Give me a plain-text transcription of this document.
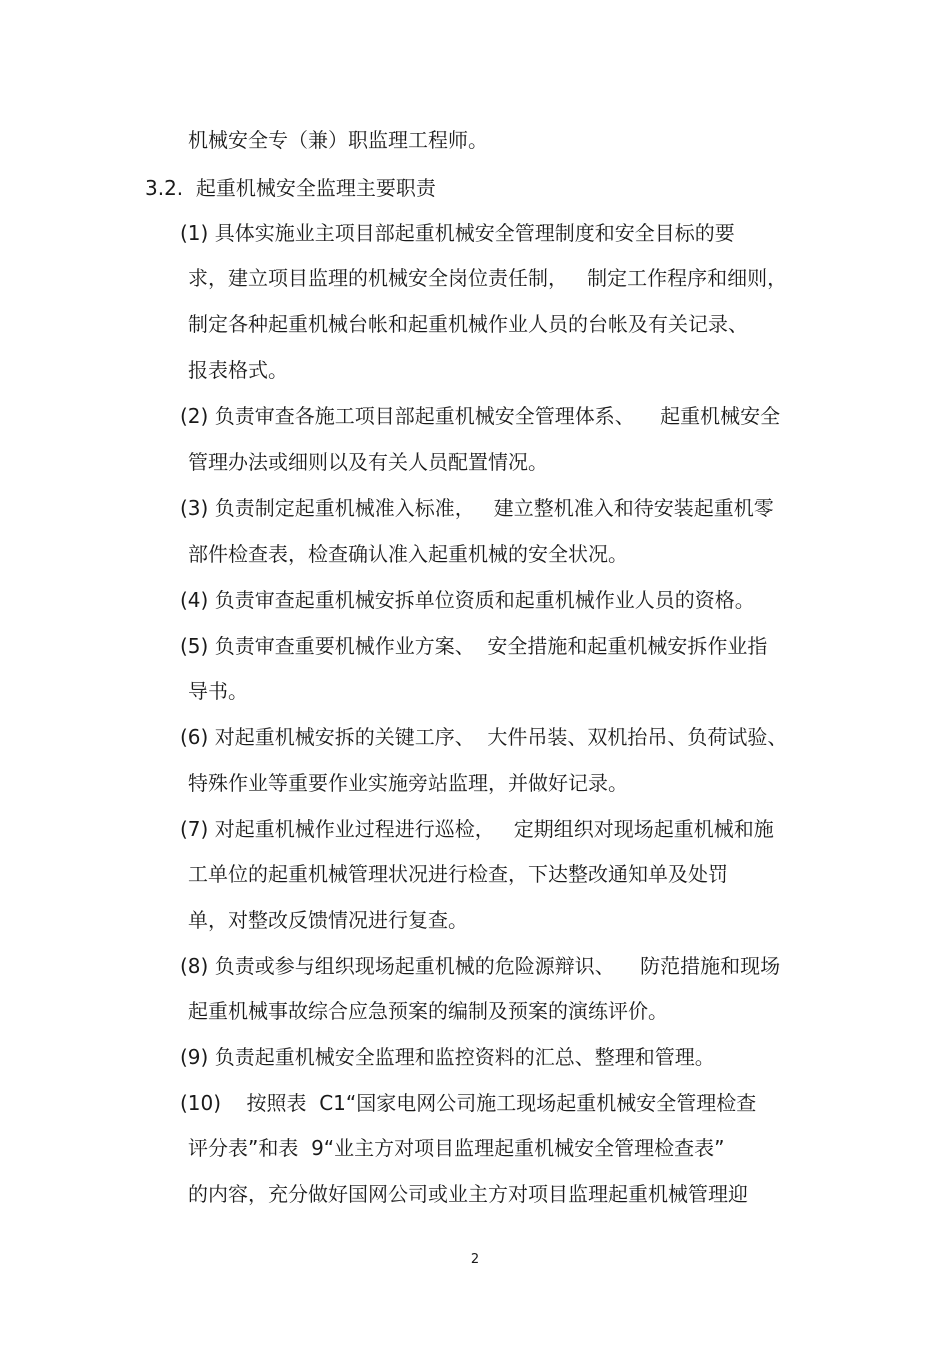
机械安全专（兼）职监理工程师。
3.2. 起重机械安全监理主要职责
(1) 具体实施业主项目部起重机械安全管理制度和安全目标的要
求，建立项目监理的机械安全岗位责任制，   制定工作程序和细则，
制定各种起重机械台帐和起重机械作业人员的台帐及有关记录、
报表格式。
(2) 负责审查各施工项目部起重机械安全管理体系、    起重机械安全
管理办法或细则以及有关人员配置情况。
(3) 负责制定起重机械准入标准，   建立整机准入和待安装起重机零
部件检查表，检查确认准入起重机械的安全状况。
(4) 负责审查起重机械安拆单位资质和起重机械作业人员的资格。
(5) 负责审查重要机械作业方案、  安全措施和起重机械安拆作业指
导书。
(6) 对起重机械安拆的关键工序、  大件吊装、双机抬吊、负荷试验、
特殊作业等重要作业实施旁站监理，并做好记录。
(7) 对起重机械作业过程进行巡检，   定期组织对现场起重机械和施
工单位的起重机械管理状况进行检查，下达整改通知单及处罚
单，对整改反馈情况进行复查。
(8) 负责或参与组织现场起重机械的危险源辩识、    防范措施和现场
起重机械事故综合应急预案的编制及预案的演练评价。
(9) 负责起重机械安全监理和监控资料的汇总、整理和管理。
(10)    按照表  C1“国家电网公司施工现场起重机械安全管理检查
评分表”和表  9“业主方对项目监理起重机械安全管理检查表”
的内容，充分做好国网公司或业主方对项目监理起重机械管理迎
2
